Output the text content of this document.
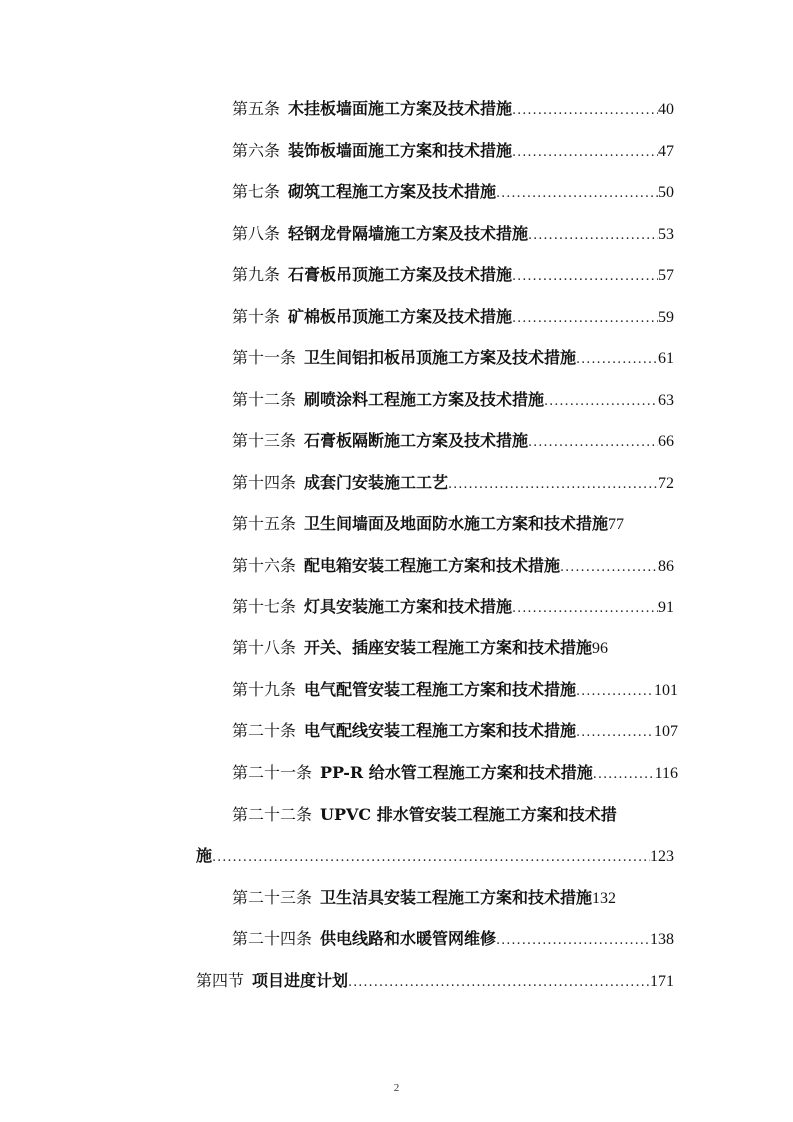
第五条 木挂板墙面施工方案及技术措施 .....	40
第六条 装饰板墙面施工方案和技术措施 .....	47
第七条 砌筑工程施工方案及技术措施 .....	50
第八条 轻钢龙骨隔墙施工方案及技术措施 .....	53
第九条 石膏板吊顶施工方案及技术措施 .....	57
第十条 矿棉板吊顶施工方案及技术措施 .....	59
第十一条 卫生间铝扣板吊顶施工方案及技术措施 .....	61
第十二条 刷喷涂料工程施工方案及技术措施 .....	63
第十三条 石膏板隔断施工方案及技术措施 .....	66
第十四条 成套门安装施工工艺 .....	72
第十五条 卫生间墙面及地面防水施工方案和技术措施 77
第十六条 配电箱安装工程施工方案和技术措施 .....	86
第十七条 灯具安装施工方案和技术措施 .....	91
第十八条 开关、插座安装工程施工方案和技术措施 96
第十九条 电气配管安装工程施工方案和技术措施 .....	101
第二十条 电气配线安装工程施工方案和技术措施 .....	107
第二十一条 PP-R 给水管工程施工方案和技术措施 .....	116
第二十二条 UPVC 排水管安装工程施工方案和技术措
施 .....	123
第二十三条 卫生洁具安装工程施工方案和技术措施 132
第二十四条 供电线路和水暖管网维修 .....	138
第四节 项目进度计划 .....	171
2
